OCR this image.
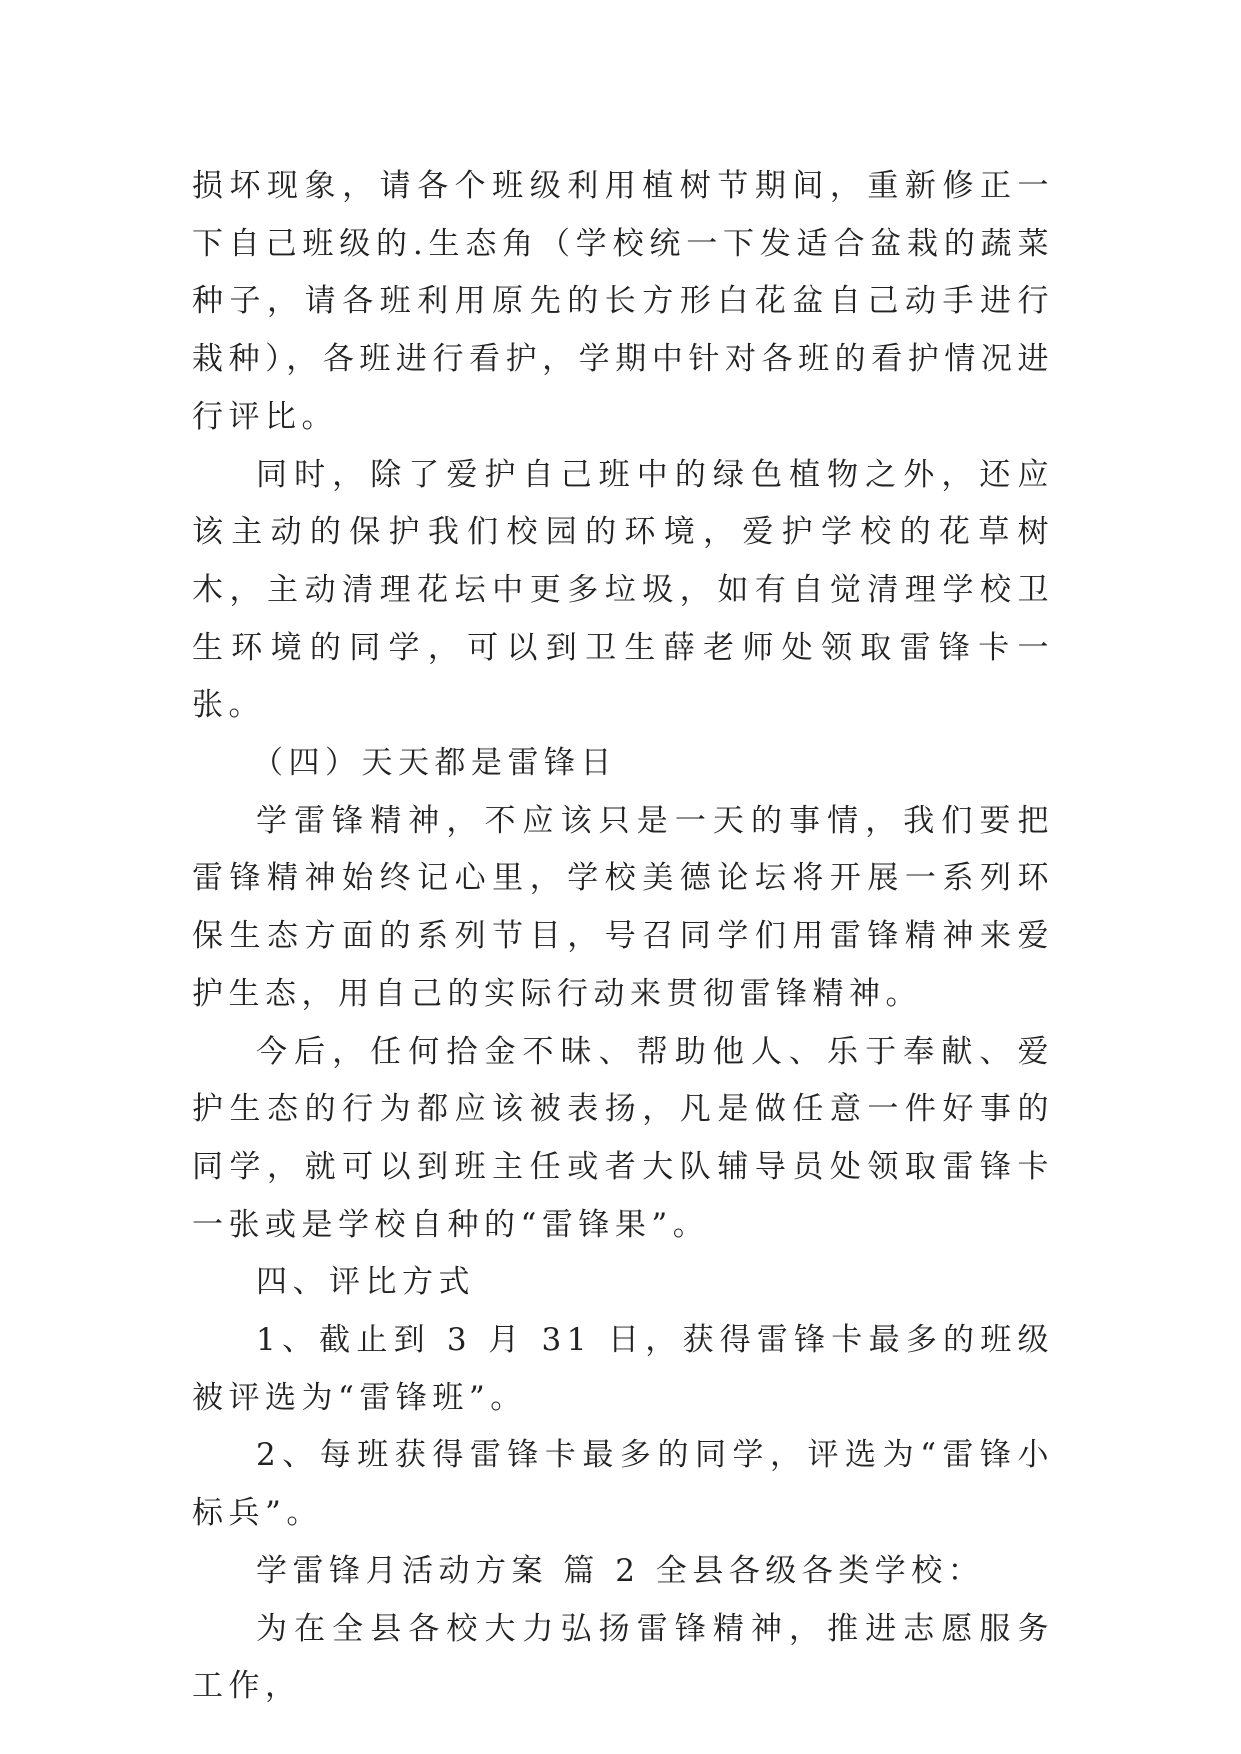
损坏现象，请各个班级利用植树节期间，重新修正一下自己班级的.生态角（学校统一下发适合盆栽的蔬菜种子，请各班利用原先的长方形白花盆自己动手进行栽种），各班进行看护，学期中针对各班的看护情况进行评比。

同时，除了爱护自己班中的绿色植物之外，还应该主动的保护我们校园的环境，爱护学校的花草树木，主动清理花坛中更多垃圾，如有自觉清理学校卫生环境的同学，可以到卫生薛老师处领取雷锋卡一张。

（四）天天都是雷锋日

学雷锋精神，不应该只是一天的事情，我们要把雷锋精神始终记心里，学校美德论坛将开展一系列环保生态方面的系列节目，号召同学们用雷锋精神来爱护生态，用自己的实际行动来贯彻雷锋精神。

今后，任何拾金不昧、帮助他人、乐于奉献、爱护生态的行为都应该被表扬，凡是做任意一件好事的同学，就可以到班主任或者大队辅导员处领取雷锋卡一张或是学校自种的“雷锋果”。

四、评比方式

1、截止到 3 月 31 日，获得雷锋卡最多的班级被评选为“雷锋班”。

2、每班获得雷锋卡最多的同学，评选为“雷锋小标兵”。

学雷锋月活动方案 篇 2 全县各级各类学校：

为在全县各校大力弘扬雷锋精神，推进志愿服务工作，
